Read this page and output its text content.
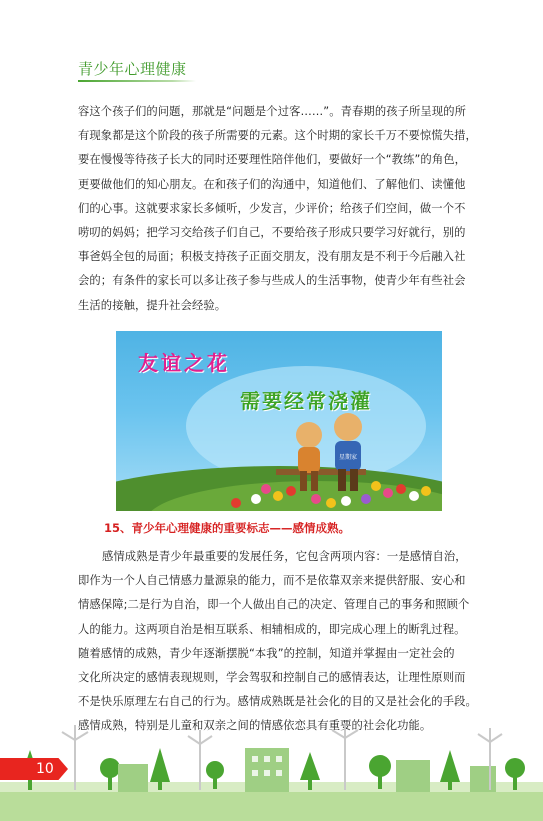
青少年心理健康
容这个孩子们的问题，那就是“问题是个过客……”。青春期的孩子所呈现的所
有现象都是这个阶段的孩子所需要的元素。这个时期的家长千万不要惊慌失措，
要在慢慢等待孩子长大的同时还要理性陪伴他们，要做好一个“教练”的角色，
更要做他们的知心朋友。在和孩子们的沟通中，知道他们、了解他们、读懂他
们的心事。这就要求家长多倾听，少发言，少评价；给孩子们空间，做一个不
唠叨的妈妈；把学习交给孩子们自己，不要给孩子形成只要学习好就行，别的
事爸妈全包的局面；积极支持孩子正面交朋友，没有朋友是不利于今后融入社
会的；有条件的家长可以多让孩子参与些成人的生活事物，使青少年有些社会
生活的接触，提升社会经验。
星期家
友谊之花
需要经常浇灌
15、青少年心理健康的重要标志——感情成熟。
感情成熟是青少年最重要的发展任务，它包含两项内容：一是感情自治，
即作为一个人自己情感力量源泉的能力，而不是依靠双亲来提供舒服、安心和
情感保障;二是行为自治，即一个人做出自己的决定、管理自己的事务和照顾个
人的能力。这两项自治是相互联系、相辅相成的，即完成心理上的断乳过程。
随着感情的成熟，青少年逐渐摆脱“本我”的控制，知道并掌握由一定社会的
文化所决定的感情表现规则，学会驾驭和控制自己的感情表达，让理性原则而
不是快乐原理左右自己的行为。感情成熟既是社会化的目的又是社会化的手段。
感情成熟，特别是儿童和双亲之间的情感依恋具有重要的社会化功能。
10
